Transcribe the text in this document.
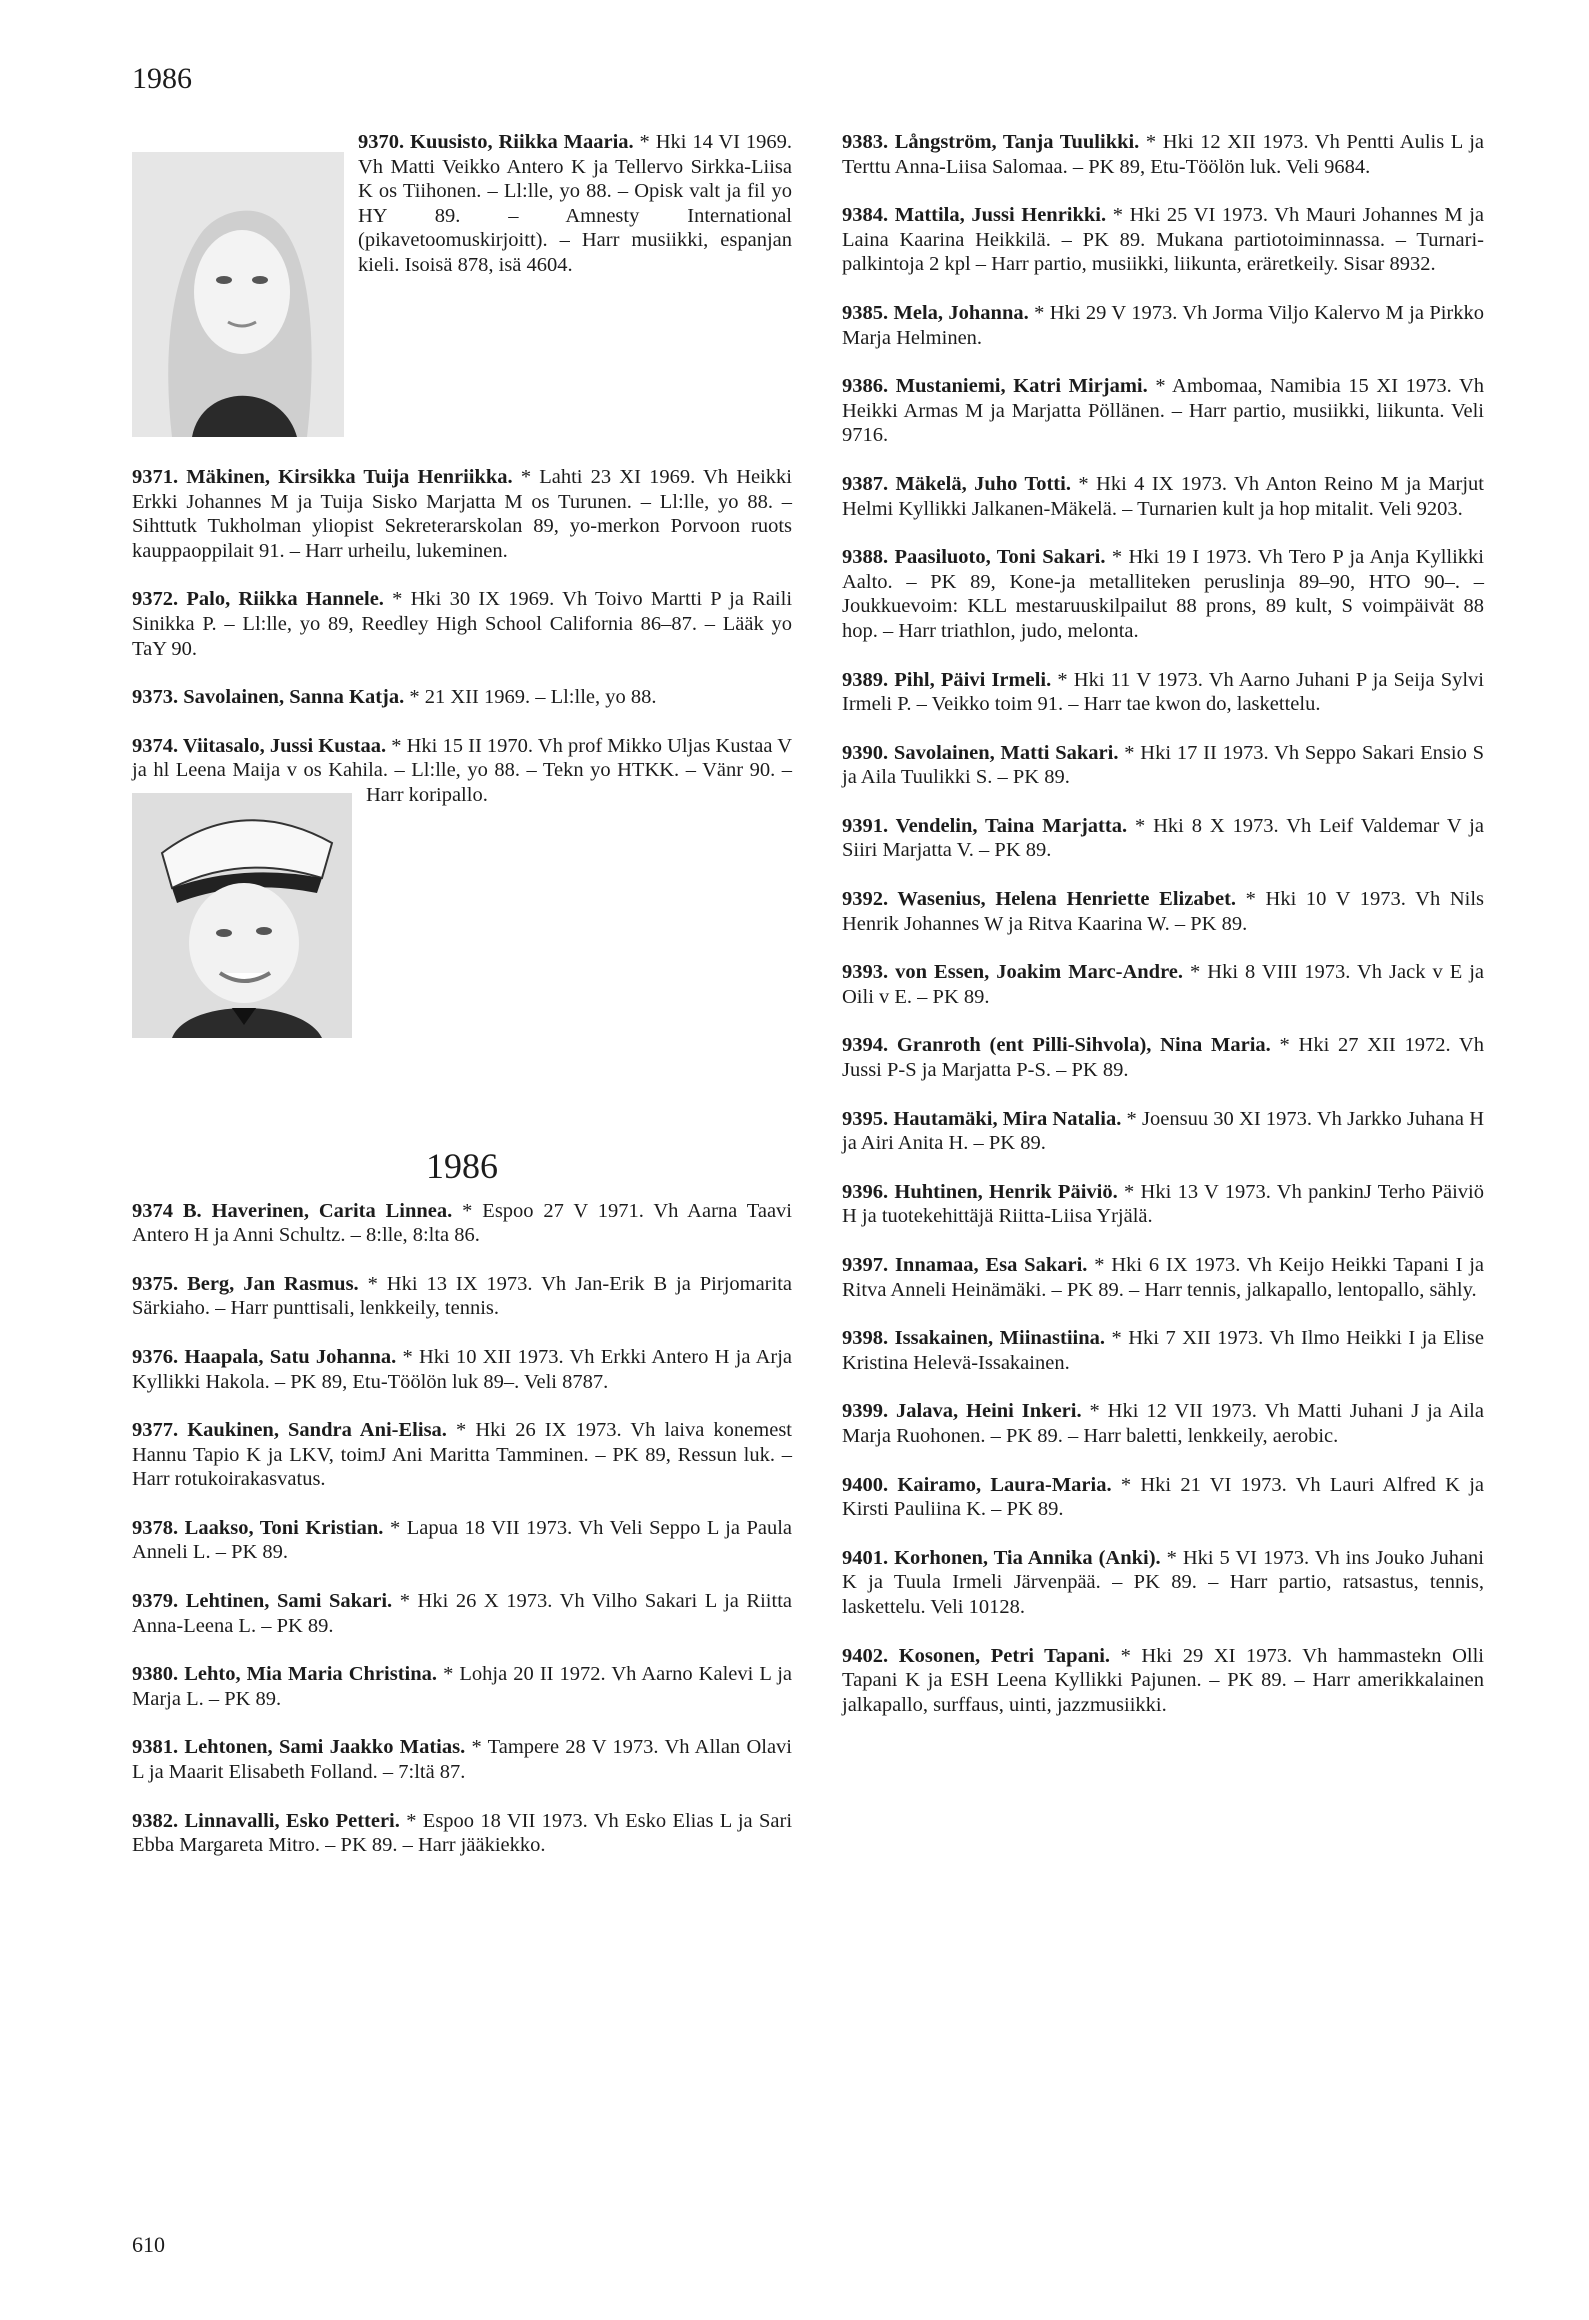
1986
9370. Kuusisto, Riikka Maaria. * Hki 14 VI 1969. Vh Matti Veikko Antero K ja Tellervo Sirkka-Liisa K os Tiihonen. – Ll:lle, yo 88. – Opisk valt ja fil yo HY 89. – Amnesty International (pikavetoomuskirjoitt). – Harr musiikki, espanjan kieli. Isoisä 878, isä 4604.
9371. Mäkinen, Kirsikka Tuija Henriikka. * Lahti 23 XI 1969. Vh Heikki Erkki Johannes M ja Tuija Sisko Marjatta M os Turunen. – Ll:lle, yo 88. – Sihttutk Tukholman yliopist Sekreterarskolan 89, yo-merkon Porvoon ruots kauppaoppilait 91. – Harr urheilu, lukeminen.
9372. Palo, Riikka Hannele. * Hki 30 IX 1969. Vh Toivo Martti P ja Raili Sinikka P. – Ll:lle, yo 89, Reedley High School California 86–87. – Lääk yo TaY 90.
9373. Savolainen, Sanna Katja. * 21 XII 1969. – Ll:lle, yo 88.
9374. Viitasalo, Jussi Kustaa. * Hki 15 II 1970. Vh prof Mikko Uljas Kustaa V ja hl Leena Maija v os Kahila. – Ll:lle, yo 88. – Tekn yo HTKK. – Vänr 90. – Harr koripallo.
1986
9374 B. Haverinen, Carita Linnea. * Espoo 27 V 1971. Vh Aarna Taavi Antero H ja Anni Schultz. – 8:lle, 8:lta 86.
9375. Berg, Jan Rasmus. * Hki 13 IX 1973. Vh Jan-Erik B ja Pirjomarita Särkiaho. – Harr punttisali, lenkkeily, tennis.
9376. Haapala, Satu Johanna. * Hki 10 XII 1973. Vh Erkki Antero H ja Arja Kyllikki Hakola. – PK 89, Etu-Töölön luk 89–. Veli 8787.
9377. Kaukinen, Sandra Ani-Elisa. * Hki 26 IX 1973. Vh laiva konemest Hannu Tapio K ja LKV, toimJ Ani Maritta Tamminen. – PK 89, Ressun luk. – Harr rotukoirakasvatus.
9378. Laakso, Toni Kristian. * Lapua 18 VII 1973. Vh Veli Seppo L ja Paula Anneli L. – PK 89.
9379. Lehtinen, Sami Sakari. * Hki 26 X 1973. Vh Vilho Sakari L ja Riitta Anna-Leena L. – PK 89.
9380. Lehto, Mia Maria Christina. * Lohja 20 II 1972. Vh Aarno Kalevi L ja Marja L. – PK 89.
9381. Lehtonen, Sami Jaakko Matias. * Tampere 28 V 1973. Vh Allan Olavi L ja Maarit Elisabeth Folland. – 7:ltä 87.
9382. Linnavalli, Esko Petteri. * Espoo 18 VII 1973. Vh Esko Elias L ja Sari Ebba Margareta Mitro. – PK 89. – Harr jääkiekko.
9383. Långström, Tanja Tuulikki. * Hki 12 XII 1973. Vh Pentti Aulis L ja Terttu Anna-Liisa Salomaa. – PK 89, Etu-Töölön luk. Veli 9684.
9384. Mattila, Jussi Henrikki. * Hki 25 VI 1973. Vh Mauri Johannes M ja Laina Kaarina Heikkilä. – PK 89. Mukana partiotoiminnassa. – Turnari-palkintoja 2 kpl – Harr partio, musiikki, liikunta, eräretkeily. Sisar 8932.
9385. Mela, Johanna. * Hki 29 V 1973. Vh Jorma Viljo Kalervo M ja Pirkko Marja Helminen.
9386. Mustaniemi, Katri Mirjami. * Ambomaa, Namibia 15 XI 1973. Vh Heikki Armas M ja Marjatta Pöllänen. – Harr partio, musiikki, liikunta. Veli 9716.
9387. Mäkelä, Juho Totti. * Hki 4 IX 1973. Vh Anton Reino M ja Marjut Helmi Kyllikki Jalkanen-Mäkelä. – Turnarien kult ja hop mitalit. Veli 9203.
9388. Paasiluoto, Toni Sakari. * Hki 19 I 1973. Vh Tero P ja Anja Kyllikki Aalto. – PK 89, Kone-ja metalliteken peruslinja 89–90, HTO 90–. – Joukkuevoim: KLL mestaruuskilpailut 88 prons, 89 kult, S voimpäivät 88 hop. – Harr triathlon, judo, melonta.
9389. Pihl, Päivi Irmeli. * Hki 11 V 1973. Vh Aarno Juhani P ja Seija Sylvi Irmeli P. – Veikko toim 91. – Harr tae kwon do, laskettelu.
9390. Savolainen, Matti Sakari. * Hki 17 II 1973. Vh Seppo Sakari Ensio S ja Aila Tuulikki S. – PK 89.
9391. Vendelin, Taina Marjatta. * Hki 8 X 1973. Vh Leif Valdemar V ja Siiri Marjatta V. – PK 89.
9392. Wasenius, Helena Henriette Elizabet. * Hki 10 V 1973. Vh Nils Henrik Johannes W ja Ritva Kaarina W. – PK 89.
9393. von Essen, Joakim Marc-Andre. * Hki 8 VIII 1973. Vh Jack v E ja Oili v E. – PK 89.
9394. Granroth (ent Pilli-Sihvola), Nina Maria. * Hki 27 XII 1972. Vh Jussi P-S ja Marjatta P-S. – PK 89.
9395. Hautamäki, Mira Natalia. * Joensuu 30 XI 1973. Vh Jarkko Juhana H ja Airi Anita H. – PK 89.
9396. Huhtinen, Henrik Päiviö. * Hki 13 V 1973. Vh pankinJ Terho Päiviö H ja tuotekehittäjä Riitta-Liisa Yrjälä.
9397. Innamaa, Esa Sakari. * Hki 6 IX 1973. Vh Keijo Heikki Tapani I ja Ritva Anneli Heinämäki. – PK 89. – Harr tennis, jalkapallo, lentopallo, sähly.
9398. Issakainen, Miinastiina. * Hki 7 XII 1973. Vh Ilmo Heikki I ja Elise Kristina Helevä-Issakainen.
9399. Jalava, Heini Inkeri. * Hki 12 VII 1973. Vh Matti Juhani J ja Aila Marja Ruohonen. – PK 89. – Harr baletti, lenkkeily, aerobic.
9400. Kairamo, Laura-Maria. * Hki 21 VI 1973. Vh Lauri Alfred K ja Kirsti Pauliina K. – PK 89.
9401. Korhonen, Tia Annika (Anki). * Hki 5 VI 1973. Vh ins Jouko Juhani K ja Tuula Irmeli Järvenpää. – PK 89. – Harr partio, ratsastus, tennis, laskettelu. Veli 10128.
9402. Kosonen, Petri Tapani. * Hki 29 XI 1973. Vh hammastekn Olli Tapani K ja ESH Leena Kyllikki Pajunen. – PK 89. – Harr amerikkalainen jalkapallo, surffaus, uinti, jazzmusiikki.
610
